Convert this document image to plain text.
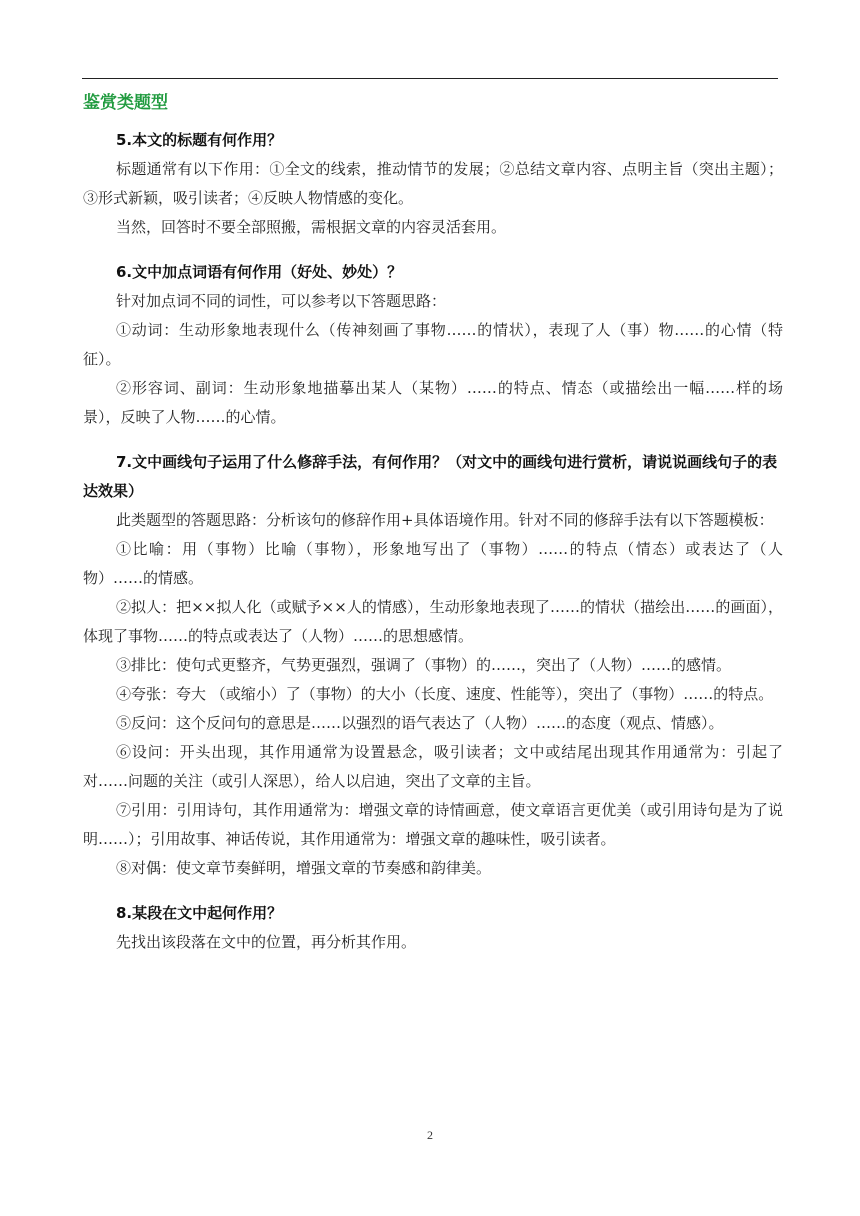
鉴赏类题型
5.本文的标题有何作用？
标题通常有以下作用：①全文的线索，推动情节的发展；②总结文章内容、点明主旨（突出主题）；③形式新颖，吸引读者；④反映人物情感的变化。
当然，回答时不要全部照搬，需根据文章的内容灵活套用。
6.文中加点词语有何作用（好处、妙处）？
针对加点词不同的词性，可以参考以下答题思路：
①动词：生动形象地表现什么（传神刻画了事物……的情状），表现了人（事）物……的心情（特征）。
②形容词、副词：生动形象地描摹出某人（某物）……的特点、情态（或描绘出一幅……样的场景），反映了人物……的心情。
7.文中画线句子运用了什么修辞手法，有何作用？（对文中的画线句进行赏析，请说说画线句子的表达效果）
此类题型的答题思路：分析该句的修辞作用+具体语境作用。针对不同的修辞手法有以下答题模板：
①比喻：用（事物）比喻（事物），形象地写出了（事物）……的特点（情态）或表达了（人物）……的情感。
②拟人：把××拟人化（或赋予××人的情感），生动形象地表现了……的情状（描绘出……的画面），体现了事物……的特点或表达了（人物）……的思想感情。
③排比：使句式更整齐，气势更强烈，强调了（事物）的……，突出了（人物）……的感情。
④夸张：夸大 （或缩小）了（事物）的大小（长度、速度、性能等），突出了（事物）……的特点。
⑤反问：这个反问句的意思是……以强烈的语气表达了（人物）……的态度（观点、情感）。
⑥设问：开头出现，其作用通常为设置悬念，吸引读者；文中或结尾出现其作用通常为：引起了对……问题的关注（或引人深思），给人以启迪，突出了文章的主旨。
⑦引用：引用诗句，其作用通常为：增强文章的诗情画意，使文章语言更优美（或引用诗句是为了说明……）；引用故事、神话传说，其作用通常为：增强文章的趣味性，吸引读者。
⑧对偶：使文章节奏鲜明，增强文章的节奏感和韵律美。
8.某段在文中起何作用？
先找出该段落在文中的位置，再分析其作用。
2
